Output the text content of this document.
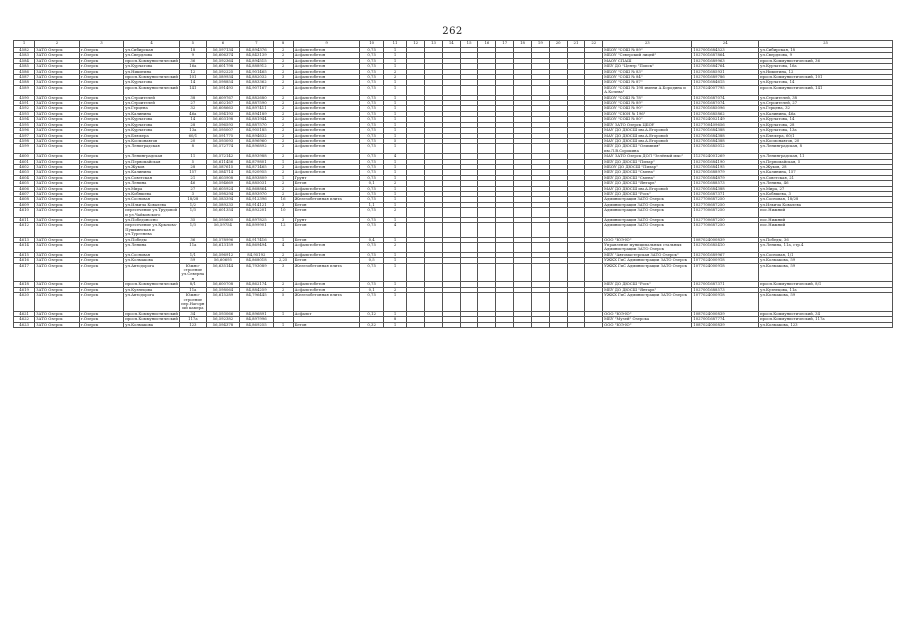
262
1	2	3	4	5	6	7	8	9	10	11	12	13	14	15	16	17	18	19	20	21	22	23	24	25
4582	ЗАТО Озерск	г.Озерск	ул.Сибирская	18	56,597134	84,894376	2	Асфальтобетон	0,75	1												МБОУ "СОШ № 89"	1027001684523	ул.Сибирская, 18
4583	ЗАТО Озерск	г.Озерск	ул.Свердлова	9	56,606374	84,843139	2	Асфальтобетон	0,75	1												МБОУ "Северский лицей"	1027001687864	ул.Свердлова, 9
4584	ЗАТО Озерск	г.Озерск	просп.Коммунистический	36	56,592364	84,894515	2	Асфальтобетон	0,75	1												МАОУ СПАШ	1027001689963	просп.Коммунистический, 36
4585	ЗАТО Озерск	г.Озерск	ул.Курчатова	16а	56,601798	84,888912	2	Асфальтобетон	0,75	1												МБУ ДО "Центр "Поиск"	1027001684764	ул.Курчатова, 16а
4586	ЗАТО Озерск	г.Озерск	ул.Никитина	12	56,592225	84,901465	2	Асфальтобетон	0,75	2												МБОУ "СОШ № 83"	1027001685931	ул.Никитина, 12
4587	ЗАТО Озерск	г.Озерск	просп.Коммунистический	101	56,589934	84,882032	3	Асфальтобетон	0,75	2												МБОУ "СОШ № 84"	1027001689786	просп.Коммунистический, 101
4588	ЗАТО Озерск	г.Озерск	ул.Курчатова	14	56,598854	84,883362	2	Асфальтобетон	0,75	1												МБОУ "СОШ № 87"	1027001684615	ул.Курчатова, 14
4589	ЗАТО Озерск	г.Озерск	просп.Коммунистический	141	56,591493	84,907167	2	Асфальтобетон	0,75	1												МБОУ "СОШ № 198 имени А.Бородина и А.Кочева"	1137024007795	просп.Коммунистический, 141
4590	ЗАТО Озерск	г.Озерск	ул.Строителей	38	56,609767	84,882680	2	Асфальтобетон	0,75	1												МБОУ "СОШ № 78"	1027001687074	ул.Строителей, 38
4591	ЗАТО Озерск	г.Озерск	ул.Строителей	27	56,602167	84,887590	2	Асфальтобетон	0,75	1												МБОУ "СОШ № 89"	1027001687074	ул.Строителей, 27
4592	ЗАТО Озерск	г.Озерск	ул.Герцена	32	56,608663	84,897411	2	Асфальтобетон	0,75	1												МБОУ "СОШ № 90"	1027001685096	ул.Герцена, 32
4593	ЗАТО Озерск	г.Озерск	ул.Калинина	46а	56,594193	84,894189	2	Асфальтобетон	0,75	1												МБОУ "СЮН № 196"	1027001685862	ул.Калинина, 46а
4594	ЗАТО Озерск	г.Озерск	ул.Курчатова	14	56,603198	84,881944	2	Асфальтобетон	0,75	1												МБОУ "СОШ № 80"	1027024002149	ул.Курчатова, 14
4595	ЗАТО Озерск	г.Озерск	ул.Курчатова	28	56,596593	84,887570	2	Асфальтобетон	0,75	1												МБУ ЗАТО Озерск ЦБОУ	1027700409656	ул.Курчатова, 28
4596	ЗАТО Озерск	г.Озерск	ул.Курчатова	13а	56,595007	84,905185	2	Асфальтобетон	0,75	1												МАУ ДО ДЮСШ им.А.Егоровой	1027001684388	ул.Курчатова, 13а
4597	ЗАТО Озерск	г.Озерск	ул.Блюхера	60/1	56,591775	84,894632	2	Асфальтобетон	0,75	1												МАУ ДО ДЮСШ им.А.Егоровой	1027001684388	ул.Блюхера, 60/1
4598	ЗАТО Озерск	г.Озерск	ул.Космонавтов	20	56,593093	84,896960	2	Асфальтобетон	0,75	5												МАУ ДО ДЮСШ им.А.Егоровой	1027001684388	ул.Космонавтов, 20
4599	ЗАТО Озерск	г.Озерск	ул.Лениградская	8	56,572774	84,896892	2	Асфальтобетон	0,75	1												МБУ ДО ДЮСШ "Олимпия" им.Л.В.Сорокина	1027001685012	ул.Ленинградская, 8
4600	ЗАТО Озерск	г.Озерск	ул.Ленинградская	11	56,572142	84,893988	2	Асфальтобетон	0,75	4												МАУ ЗАТО Озерск ДОЛ "Зелёный мыс"	1127024001269	ул.Ленинградская, 11
4601	ЗАТО Озерск	г.Озерск	ул.Первомайская	5	56,611456	84,879801	1	Асфальтобетон	0,75	1												МБУ ДО ДЮСШ "Пилар"	1027001684190	ул.Первомайская, 5
4602	ЗАТО Озерск	г.Озерск	ул.Жуков	28	56,587615	84,871465	2	Асфальтобетон	0,75	1												МБОУ ДО ДЮСШ "Пилар"	1027001684195	ул.Жуков, 28
4603	ЗАТО Озерск	г.Озерск	ул.Калинина	157	56,584714	84,920955	2	Асфальтобетон	0,75	1												МБУ ДО ДЮСШ "Смена"	1027001688979	ул.Калинина, 157
4604	ЗАТО Озерск	г.Озерск	ул.Советская	21	56,603908	84,893809	1	Грунт	0,75	1												МБУ ДО ДЮСШ "Смена"	1027001684879	ул.Советская, 21
4605	ЗАТО Озерск	г.Озерск	ул.Ленина	46	56,594669	84,885031	2	Бетон	0,1	2												МБУ ДО ДЮСШ "Янтарь"	1027001688573	ул.Ленина, 46
4606	ЗАТО Озерск	г.Озерск	ул.Мира	27	56,605924	84,868864	2	Асфальтобетон	0,75	1												МАУ ДО ДЮСШ им.А.Егоровой	1027001684388	ул.Мира, 27
4607	ЗАТО Озерск	г.Озерск	ул.Кобяшева	3	56,598294	84,893970	2	Асфальтобетон	0,75	1												МБУ ДО ДЮСШ "Рось"	1027001687371	ул.Кобяшева, 3
4608	ЗАТО Озерск	г.Озерск	ул.Сосновая	18/28	56,583394	84,912396	16	Железобетонная плита	0,75	1												Администрация ЗАТО Озерск	1027700687250	ул.Сосновая, 18/28
4609	ЗАТО Озерск	г.Озерск	ул.Ильича Ковалева	1/2	56,589233	84,914121	3	Бетон	1,1	1												Администрация ЗАТО Озерск	1027700687250	ул.Ильича Ковалева
4610	ЗАТО Озерск	г.Озерск	пересечение ул.Трудовой и ул.Чайковского	1/3	56,601354	84,892201	10	Бетон	0,75	2												Администрация ЗАТО Озерск	1027700687250	пос.Нижний
4611	ЗАТО Озерск	г.Озерск	ул.Победоносно	35	56,595605	84,897825	3	Грунт	0,75	1												Администрация ЗАТО Озерск	1027700687250	пос.Нижний
4612	ЗАТО Озерск	г.Озерск	пересечение ул.Крылова-Пушкинская и ул.Тургенева	1/3	56,59754	84,899901	12	Бетон	0,75	4												Администрация ЗАТО Озерск	1027700687250	пос.Нижний
4613	ЗАТО Озерск	г.Озерск	ул.Победы	36	56,578996	84,917416	1	Бетон	0,4	1												ООО "ЮЭ-Ю"	1087024000839	ул.Победы, 36
4614	ЗАТО Озерск	г.Озерск	ул.Ленина	11а	56,613159	84,869494	4	Асфальтобетон	0,75	2												Управление муниципальных стальных Администрации ЗАТО Озерск	1027001685410	ул.Ленина, 11а, стр.4
4615	ЗАТО Озерск	г.Озерск	ул.Сосновая	1/1	56,596912	84,95192	2	Асфальтобетон	0,75	1												МБУ "Автомастерская ЗАТО Озерск"	1027001689967	ул.Сосновая, 1/1
4616	ЗАТО Озерск	г.Озерск	ул.Колмакова	59	56,60695	84,868018	2,25	Бетон	0,5	1												УЖКХ ГиС Администрации ЗАТО Озерск	1077024000918	ул.Колмакова, 59
4617	ЗАТО Озерск	г.Озерск	ул.Автодорога	Южно-строение ул.Северная	56,635144	84,793089	3	Железобетонная плита	0,75	1												УЖКХ ГиС Администрации ЗАТО Озерск	1077024000918	ул.Колмакова, 59
4618	ЗАТО Озерск	г.Озерск	просп.Коммунистический	8/1	56,600708	84,862174	2	Асфальтобетон	0,75	1												МБУ ДО ДЮСШ "Рось"	1027001687371	просп.Коммунистический, 8/1
4619	ЗАТО Озерск	г.Озерск	ул.Кузнецова	11а	56,598064	84,884259	2	Асфальтобетон	0,1	2												МБУ ДО ДЮСШ "Янтарь"	1027001688573	ул.Кузнецова, 11а
4620	ЗАТО Озерск	г.Озерск	ул.Автодорога	Южно-строение пер.Нагорный камера	56,615289	84,796445	5	Железобетонная плита	0,75	1												УЖКХ ГиС Администрации ЗАТО Озерск	1077024000918	ул.Колмакова, 59
4621	ЗАТО Озерск	г.Озерск	просп.Коммунистический	34	56,593066	84,896891	1	Асфальт	0,12	1												ООО "ЮЭ-Ю"	1087024000839	просп.Коммунистический, 34
4622	ЗАТО Озерск	г.Озерск	просп.Коммунистический	117а	56,592382	84,897996				8												МБУ "Музей" Озерска	1027001687774	просп.Коммунистический, 117а
4623	ЗАТО Озерск	г.Озерск	ул.Колмакова	123	56,594378	84,869255	1	Бетон	0,32	1												ООО "ЮЭ-Ю"	1087024000839	ул.Колмакова, 123
